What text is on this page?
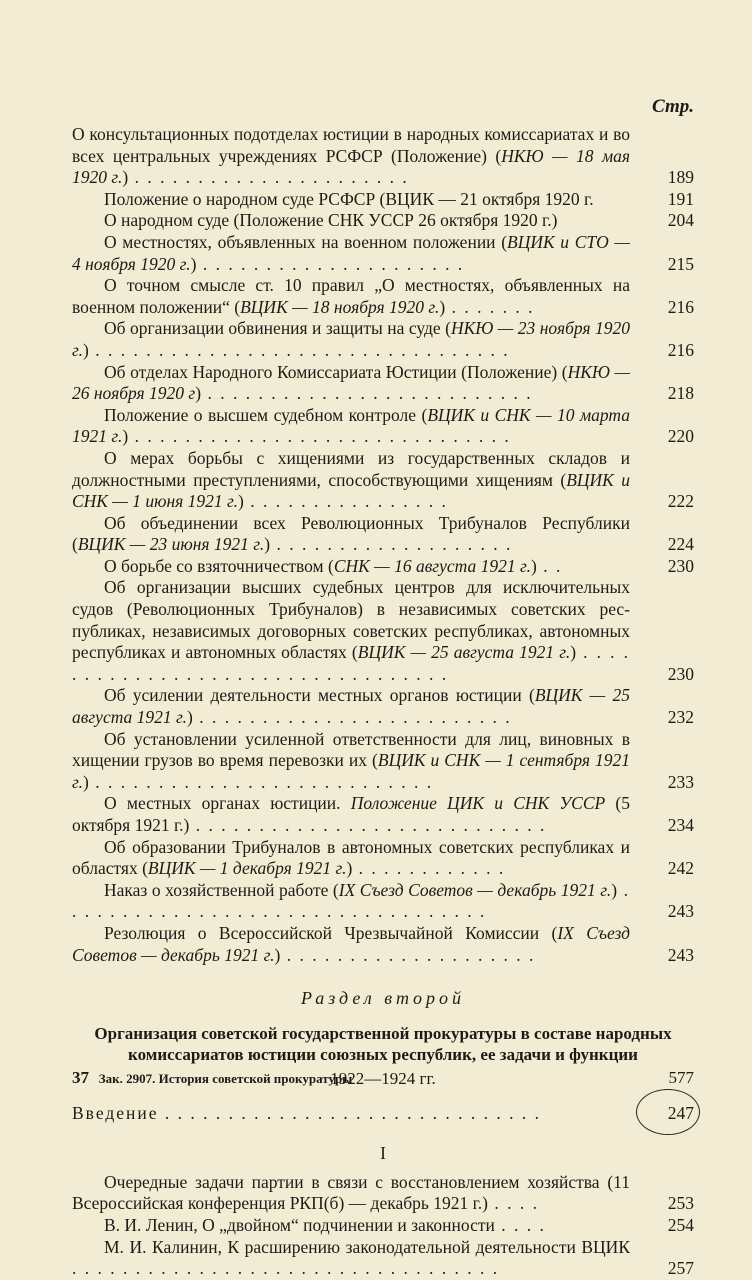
Стр.
О консультационных подотделах юстиции в народных комиссариатах и во всех центральных учреждениях РСФСР (Положение) (НКЮ — 18 мая 1920 г.) . . . . . . . . . . . . . . . . . . . . . .	189
Положение о народном суде РСФСР (ВЦИК — 21 октября 1920 г.	191
О народном суде (Положение СНК УССР 26 октября 1920 г.)	204
О местностях, объявленных на военном положении (ВЦИК и СТО — 4 ноября 1920 г.) . . . . . . . . . . . . . . . . . . . . .	215
О точном смысле ст. 10 правил „О местностях, объявленных на военном положении“ (ВЦИК — 18 ноября 1920 г.) . . . . . . .	216
Об организации обвинения и защиты на суде (НКЮ — 23 ноября 1920 г.) . . . . . . . . . . . . . . . . . . . . . . . . . . . . . . . . .	216
Об отделах Народного Комиссариата Юстиции (Положение) (НКЮ — 26 ноября 1920 г) . . . . . . . . . . . . . . . . . . . . . . . . . .	218
Положение о высшем судебном контроле (ВЦИК и СНК — 10 марта 1921 г.) . . . . . . . . . . . . . . . . . . . . . . . . . . . . . .	220
О мерах борьбы с хищениями из государственных складов и должностными преступлениями, способствующими хищениям (ВЦИК и СНК — 1 июня 1921 г.) . . . . . . . . . . . . . . . .	222
Об объединении всех Революционных Трибуналов Республики (ВЦИК — 23 июня 1921 г.) . . . . . . . . . . . . . . . . . . .	224
О борьбе со взяточничеством (СНК — 16 августа 1921 г.) . .	230
Об организации высших судебных центров для исключительных судов (Революционных Трибуналов) в независимых советских республиках, независимых договорных советских республиках, автономных республиках и автономных областях (ВЦИК — 25 августа 1921 г.) . . . . . . . . . . . . . . . . . . . . . . . . . . . . . . . . . .	230
Об усилении деятельности местных органов юстиции (ВЦИК — 25 августа 1921 г.) . . . . . . . . . . . . . . . . . . . . . . . . .	232
Об установлении усиленной ответственности для лиц, виновных в хищении грузов во время перевозки их (ВЦИК и СНК — 1 сентября 1921 г.) . . . . . . . . . . . . . . . . . . . . . . . . . . .	233
О местных органах юстиции. Положение ЦИК и СНК УССР (5 октября 1921 г.) . . . . . . . . . . . . . . . . . . . . . . . . . . . .	234
Об образовании Трибуналов в автономных советских республиках и областях (ВЦИК — 1 декабря 1921 г.) . . . . . . . . . . . .	242
Наказ о хозяйственной работе (IX Съезд Советов — декабрь 1921 г.) . . . . . . . . . . . . . . . . . . . . . . . . . . . . . . . . . .	243
Резолюция о Всероссийской Чрезвычайной Комиссии (IX Съезд Советов — декабрь 1921 г.) . . . . . . . . . . . . . . . . . . . .	243
Раздел второй
Организация советской государственной прокуратуры в составе народных комиссариатов юстиции союзных республик, ее задачи и функции
1922—1924 гг.
Введение . . . . . . . . . . . . . . . . . . . . . . . . . . . . . .	247
I
Очередные задачи партии в связи с восстановлением хозяйства (11 Всероссийская конференция РКП(б) — декабрь 1921 г.) . . . .	253
В. И. Ленин, О „двойном“ подчинении и законности . . . .	254
М. И. Калинин, К расширению законодательной деятельности ВЦИК . . . . . . . . . . . . . . . . . . . . . . . . . . . . . . . . . .	257
37 Зак. 2907. История советской прокуратуры	577
